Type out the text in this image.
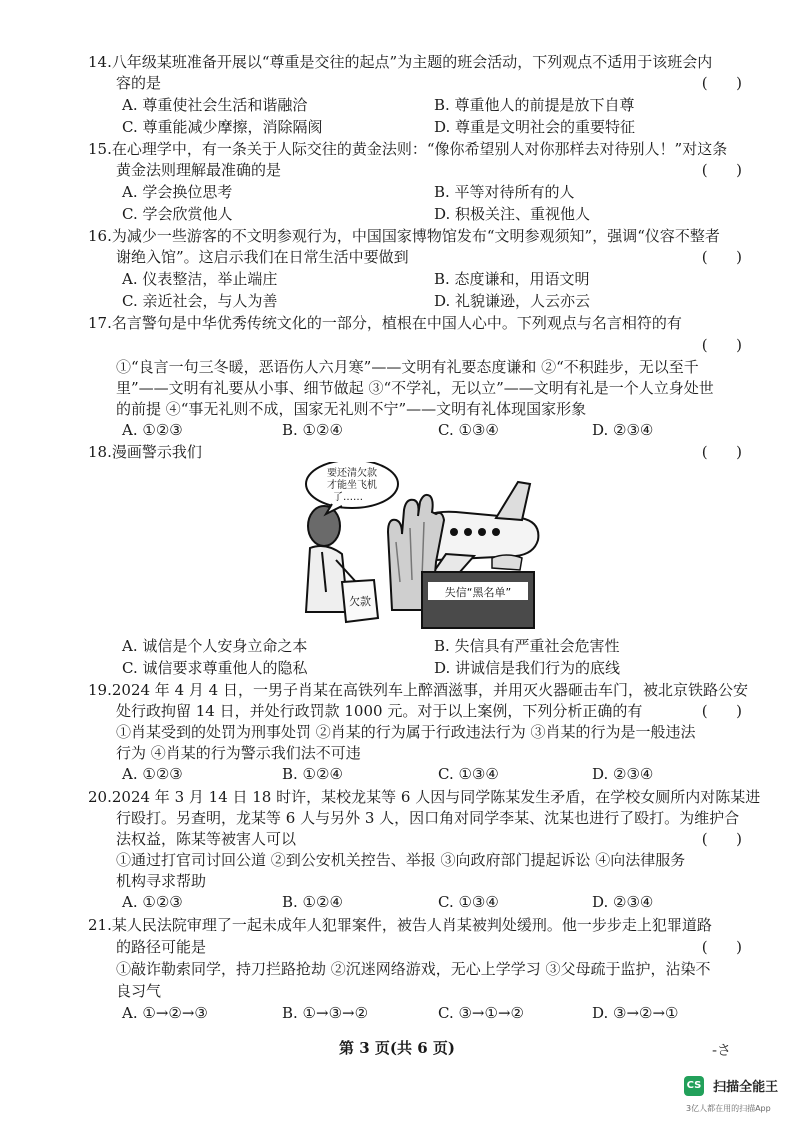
14.八年级某班准备开展以“尊重是交往的起点”为主题的班会活动，下列观点不适用于该班会内
容的是	(      )
A. 尊重使社会生活和谐融洽	B. 尊重他人的前提是放下自尊
C. 尊重能减少摩擦，消除隔阂	D. 尊重是文明社会的重要特征
15.在心理学中，有一条关于人际交往的黄金法则：“像你希望别人对你那样去对待别人！”对这条
黄金法则理解最准确的是	(      )
A. 学会换位思考	B. 平等对待所有的人
C. 学会欣赏他人	D. 积极关注、重视他人
16.为减少一些游客的不文明参观行为，中国国家博物馆发布“文明参观须知”，强调“仪容不整者
谢绝入馆”。这启示我们在日常生活中要做到	(      )
A. 仪表整洁，举止端庄	B. 态度谦和，用语文明
C. 亲近社会，与人为善	D. 礼貌谦逊，人云亦云
17.名言警句是中华优秀传统文化的一部分，植根在中国人心中。下列观点与名言相符的有
(      )
①“良言一句三冬暖，恶语伤人六月寒”——文明有礼要态度谦和 ②“不积跬步，无以至千
里”——文明有礼要从小事、细节做起 ③“不学礼，无以立”——文明有礼是一个人立身处世
的前提 ④“事无礼则不成，国家无礼则不宁”——文明有礼体现国家形象
A. ①②③	B. ①②④	C. ①③④	D. ②③④
18.漫画警示我们	(      )
失信“黑名单”
欠款
要还清欠款
才能坐飞机
了……
A. 诚信是个人安身立命之本	B. 失信具有严重社会危害性
C. 诚信要求尊重他人的隐私	D. 讲诚信是我们行为的底线
19.2024 年 4 月 4 日，一男子肖某在高铁列车上醉酒滋事，并用灭火器砸击车门，被北京铁路公安
处行政拘留 14 日，并处行政罚款 1000 元。对于以上案例，下列分析正确的有	(      )
①肖某受到的处罚为刑事处罚 ②肖某的行为属于行政违法行为 ③肖某的行为是一般违法
行为 ④肖某的行为警示我们法不可违
A. ①②③	B. ①②④	C. ①③④	D. ②③④
20.2024 年 3 月 14 日 18 时许，某校龙某等 6 人因与同学陈某发生矛盾，在学校女厕所内对陈某进
行殴打。另查明，龙某等 6 人与另外 3 人，因口角对同学李某、沈某也进行了殴打。为维护合
法权益，陈某等被害人可以	(      )
①通过打官司讨回公道 ②到公安机关控告、举报 ③向政府部门提起诉讼 ④向法律服务
机构寻求帮助
A. ①②③	B. ①②④	C. ①③④	D. ②③④
21.某人民法院审理了一起未成年人犯罪案件，被告人肖某被判处缓刑。他一步步走上犯罪道路
的路径可能是	(      )
①敲诈勒索同学，持刀拦路抢劫 ②沉迷网络游戏，无心上学学习 ③父母疏于监护，沾染不
良习气
A. ①→②→③	B. ①→③→②	C. ③→①→②	D. ③→②→①
第 3 页(共 6 页)	-さ
CS 扫描全能王
3亿人都在用的扫描App
